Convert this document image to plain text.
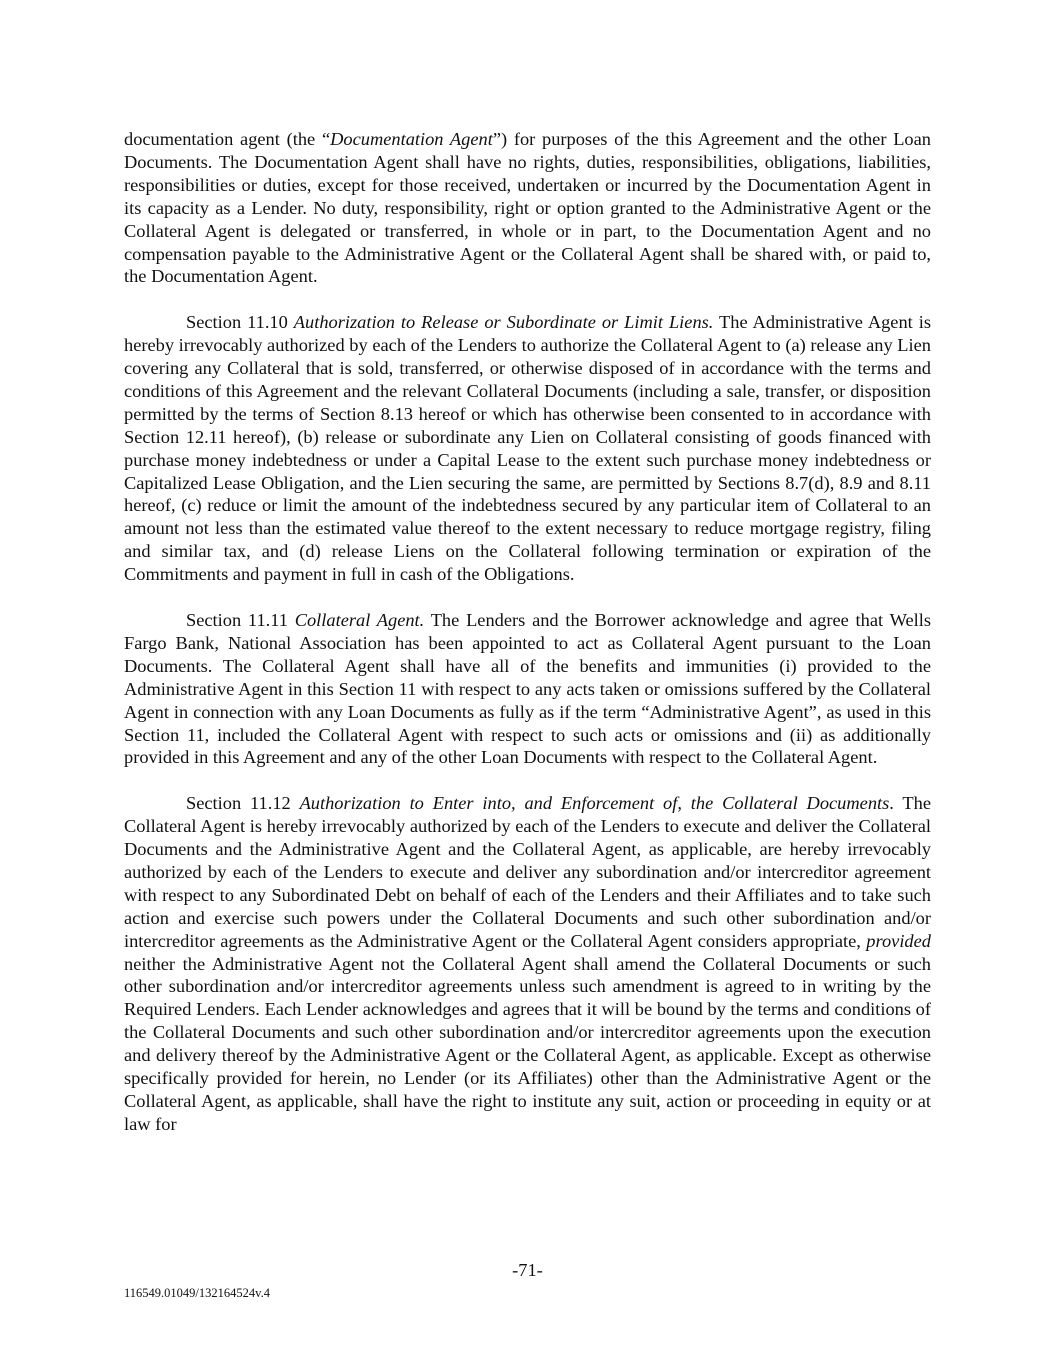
documentation agent (the “Documentation Agent”) for purposes of the this Agreement and the other Loan Documents. The Documentation Agent shall have no rights, duties, responsibilities, obligations, liabilities, responsibilities or duties, except for those received, undertaken or incurred by the Documentation Agent in its capacity as a Lender. No duty, responsibility, right or option granted to the Administrative Agent or the Collateral Agent is delegated or transferred, in whole or in part, to the Documentation Agent and no compensation payable to the Administrative Agent or the Collateral Agent shall be shared with, or paid to, the Documentation Agent.

Section 11.10 Authorization to Release or Subordinate or Limit Liens. The Administrative Agent is hereby irrevocably authorized by each of the Lenders to authorize the Collateral Agent to (a) release any Lien covering any Collateral that is sold, transferred, or otherwise disposed of in accordance with the terms and conditions of this Agreement and the relevant Collateral Documents (including a sale, transfer, or disposition permitted by the terms of Section 8.13 hereof or which has otherwise been consented to in accordance with Section 12.11 hereof), (b) release or subordinate any Lien on Collateral consisting of goods financed with purchase money indebtedness or under a Capital Lease to the extent such purchase money indebtedness or Capitalized Lease Obligation, and the Lien securing the same, are permitted by Sections 8.7(d), 8.9 and 8.11 hereof, (c) reduce or limit the amount of the indebtedness secured by any particular item of Collateral to an amount not less than the estimated value thereof to the extent necessary to reduce mortgage registry, filing and similar tax, and (d) release Liens on the Collateral following termination or expiration of the Commitments and payment in full in cash of the Obligations.

Section 11.11 Collateral Agent. The Lenders and the Borrower acknowledge and agree that Wells Fargo Bank, National Association has been appointed to act as Collateral Agent pursuant to the Loan Documents. The Collateral Agent shall have all of the benefits and immunities (i) provided to the Administrative Agent in this Section 11 with respect to any acts taken or omissions suffered by the Collateral Agent in connection with any Loan Documents as fully as if the term “Administrative Agent”, as used in this Section 11, included the Collateral Agent with respect to such acts or omissions and (ii) as additionally provided in this Agreement and any of the other Loan Documents with respect to the Collateral Agent.

Section 11.12 Authorization to Enter into, and Enforcement of, the Collateral Documents. The Collateral Agent is hereby irrevocably authorized by each of the Lenders to execute and deliver the Collateral Documents and the Administrative Agent and the Collateral Agent, as applicable, are hereby irrevocably authorized by each of the Lenders to execute and deliver any subordination and/or intercreditor agreement with respect to any Subordinated Debt on behalf of each of the Lenders and their Affiliates and to take such action and exercise such powers under the Collateral Documents and such other subordination and/or intercreditor agreements as the Administrative Agent or the Collateral Agent considers appropriate, provided neither the Administrative Agent not the Collateral Agent shall amend the Collateral Documents or such other subordination and/or intercreditor agreements unless such amendment is agreed to in writing by the Required Lenders. Each Lender acknowledges and agrees that it will be bound by the terms and conditions of the Collateral Documents and such other subordination and/or intercreditor agreements upon the execution and delivery thereof by the Administrative Agent or the Collateral Agent, as applicable. Except as otherwise specifically provided for herein, no Lender (or its Affiliates) other than the Administrative Agent or the Collateral Agent, as applicable, shall have the right to institute any suit, action or proceeding in equity or at law for

-71-
116549.01049/132164524v.4
